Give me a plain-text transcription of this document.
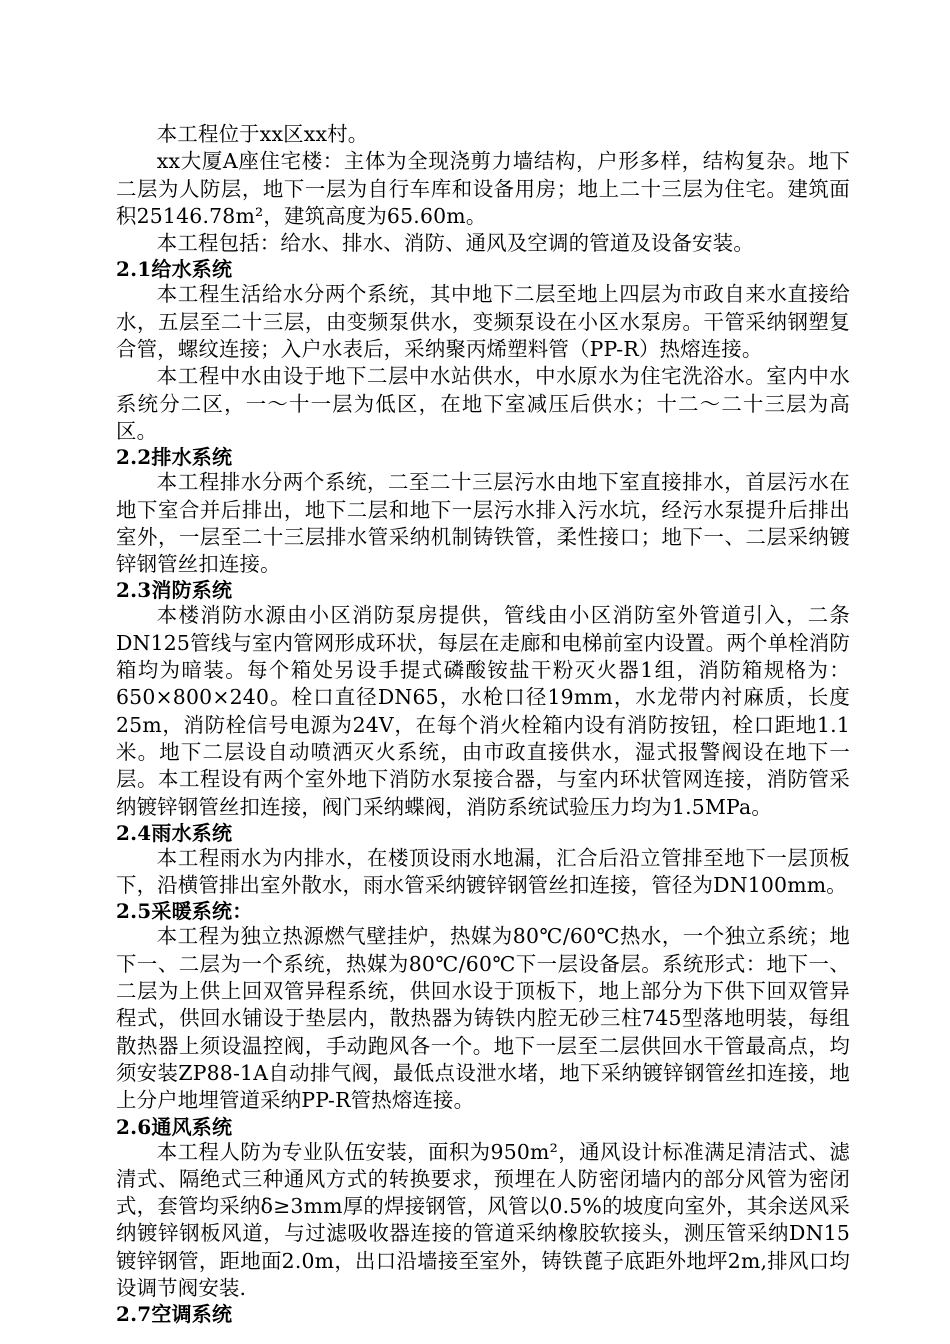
本工程位于xx区xx村。

xx大厦A座住宅楼：主体为全现浇剪力墙结构，户形多样，结构复杂。地下二层为人防层，地下一层为自行车库和设备用房；地上二十三层为住宅。建筑面积25146.78m²，建筑高度为65.60m。

本工程包括：给水、排水、消防、通风及空调的管道及设备安装。

2.1给水系统

本工程生活给水分两个系统，其中地下二层至地上四层为市政自来水直接给水，五层至二十三层，由变频泵供水，变频泵设在小区水泵房。干管采纳钢塑复合管，螺纹连接；入户水表后，采纳聚丙烯塑料管（PP-R）热熔连接。

本工程中水由设于地下二层中水站供水，中水原水为住宅洗浴水。室内中水系统分二区，一～十一层为低区，在地下室减压后供水；十二～二十三层为高区。

2.2排水系统

本工程排水分两个系统，二至二十三层污水由地下室直接排水，首层污水在地下室合并后排出，地下二层和地下一层污水排入污水坑，经污水泵提升后排出室外，一层至二十三层排水管采纳机制铸铁管，柔性接口；地下一、二层采纳镀锌钢管丝扣连接。

2.3消防系统

本楼消防水源由小区消防泵房提供，管线由小区消防室外管道引入，二条DN125管线与室内管网形成环状，每层在走廊和电梯前室内设置。两个单栓消防箱均为暗装。每个箱处另设手提式磷酸铵盐干粉灭火器1组，消防箱规格为：650×800×240。栓口直径DN65，水枪口径19mm，水龙带内衬麻质，长度25m，消防栓信号电源为24V，在每个消火栓箱内设有消防按钮，栓口距地1.1米。地下二层设自动喷洒灭火系统，由市政直接供水，湿式报警阀设在地下一层。本工程设有两个室外地下消防水泵接合器，与室内环状管网连接，消防管采纳镀锌钢管丝扣连接，阀门采纳蝶阀，消防系统试验压力均为1.5MPa。

2.4雨水系统

本工程雨水为内排水，在楼顶设雨水地漏，汇合后沿立管排至地下一层顶板下，沿横管排出室外散水，雨水管采纳镀锌钢管丝扣连接，管径为DN100mm。

2.5采暖系统：

本工程为独立热源燃气壁挂炉，热媒为80℃/60℃热水，一个独立系统；地下一、二层为一个系统，热媒为80℃/60℃下一层设备层。系统形式：地下一、二层为上供上回双管异程系统，供回水设于顶板下，地上部分为下供下回双管异程式，供回水铺设于垫层内，散热器为铸铁内腔无砂三柱745型落地明装，每组散热器上须设温控阀，手动跑风各一个。地下一层至二层供回水干管最高点，均须安装ZP88-1A自动排气阀，最低点设泄水堵，地下采纳镀锌钢管丝扣连接，地上分户地埋管道采纳PP-R管热熔连接。

2.6通风系统

本工程人防为专业队伍安装，面积为950m²，通风设计标准满足清洁式、滤清式、隔绝式三种通风方式的转换要求，预埋在人防密闭墙内的部分风管为密闭式，套管均采纳δ≥3mm厚的焊接钢管，风管以0.5%的坡度向室外，其余送风采纳镀锌钢板风道，与过滤吸收器连接的管道采纳橡胶软接头，测压管采纳DN15镀锌钢管，距地面2.0m，出口沿墙接至室外，铸铁蓖子底距外地坪2m,排风口均设调节阀安装.

2.7空调系统
